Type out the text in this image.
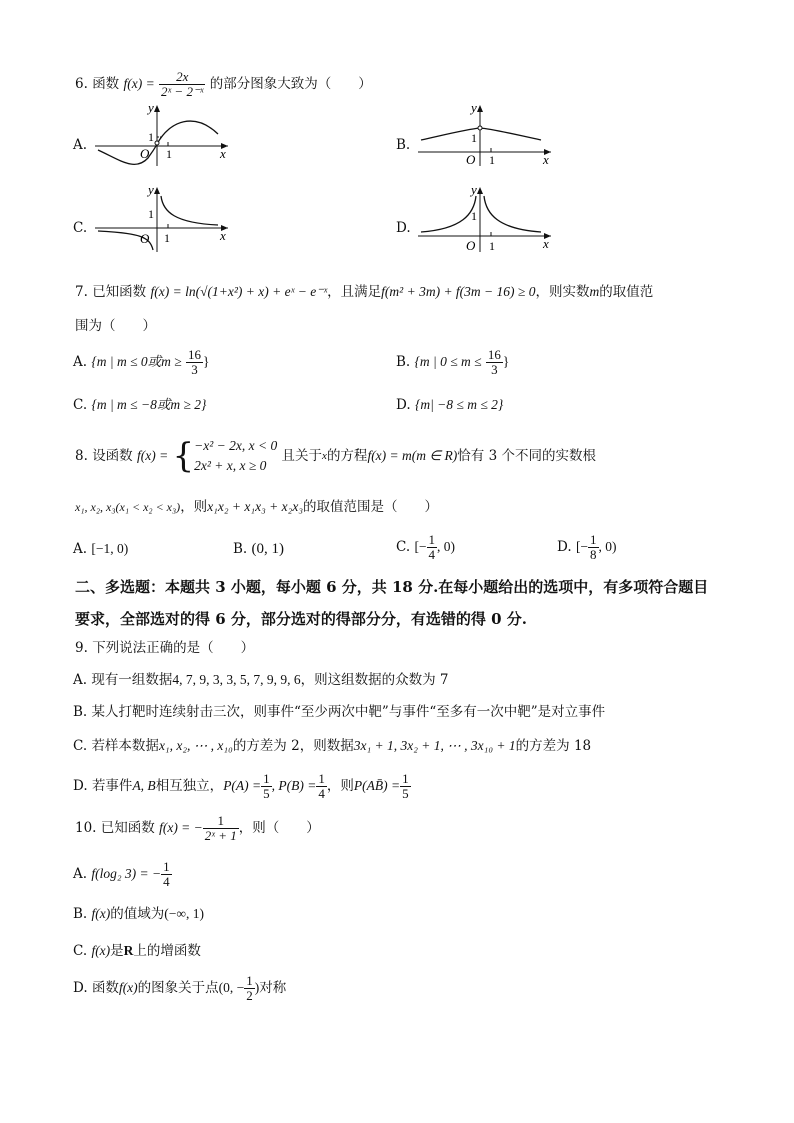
6. 函数 $f(x) = \frac{2x}{\text{2ˣ − 2⁻ˣ}}$ 的部分图象大致为（　　）
A.
y
1
O 1	x
B.
y
1
O 1	x
C.
y
1
O 1	x	D.
y
1
O 1	x
7. 已知函数 f(x) = ln(√(1+x²) + x) + eˣ − e⁻ˣ，且满足f(m² + 3m) + f(3m − 16) ≥ 0，则实数m的取值范
围为（　　）
A. {m | m ≤ 0或$m \ge \frac{16}{3}$ }	B. {m | $0 \le m \le \frac{16}{3}$ }
C. {m | m ≤ −8或m ≥ 2}	D. {m| −8 ≤ m ≤ 2}
8. 设函数 f(x) = { −x² − 2x, x < 0
2x² + x, x ≥ 0
且关于x的方程f(x) = m(m ∈ R)恰有 3 个不同的实数根
x₁, x₂, x₃(x₁ < x₂ < x₃)，则x₁x₂ + x₁x₃ + x₂x₃的取值范围是（　　）
A. [−1, 0)	B. (0, 1)	C. [− $\frac{1}{4}$ , 0)	D. [− $\frac{1}{8}$ , 0)
二、多选题：本题共 3 小题，每小题 6 分，共 18 分.在每小题给出的选项中，有多项符合题目
要求，全部选对的得 6 分，部分选对的得部分分，有选错的得 0 分.
9. 下列说法正确的是（　　）
A. 现有一组数据4, 7, 9, 3, 3, 5, 7, 9, 9, 6，则这组数据的众数为 7
B. 某人打靶时连续射击三次，则事件“至少两次中靶”与事件“至多有一次中靶”是对立事件
C. 若样本数据x₁, x₂, ⋯ , x₁₀的方差为 2，则数据3x₁ + 1, 3x₂ + 1, ⋯ , 3x₁₀ + 1的方差为 18
D. 若事件A, B相互独立，$P(A) = \frac{1}{5}$ , $P(B) = \frac{1}{4}$ ，则P(AB̄) = $\frac{1}{5}$
10. 已知函数 f(x) = − $\frac{1}{\text{2ˣ + 1}}$ ，则（　　）
A. f(log₂ 3) = − $\frac{1}{4}$
B. f(x)的值域为(−∞, 1)
C. f(x)是R上的增函数
D. 函数f(x)的图象关于点(0, − $\frac{1}{2}$ )对称
